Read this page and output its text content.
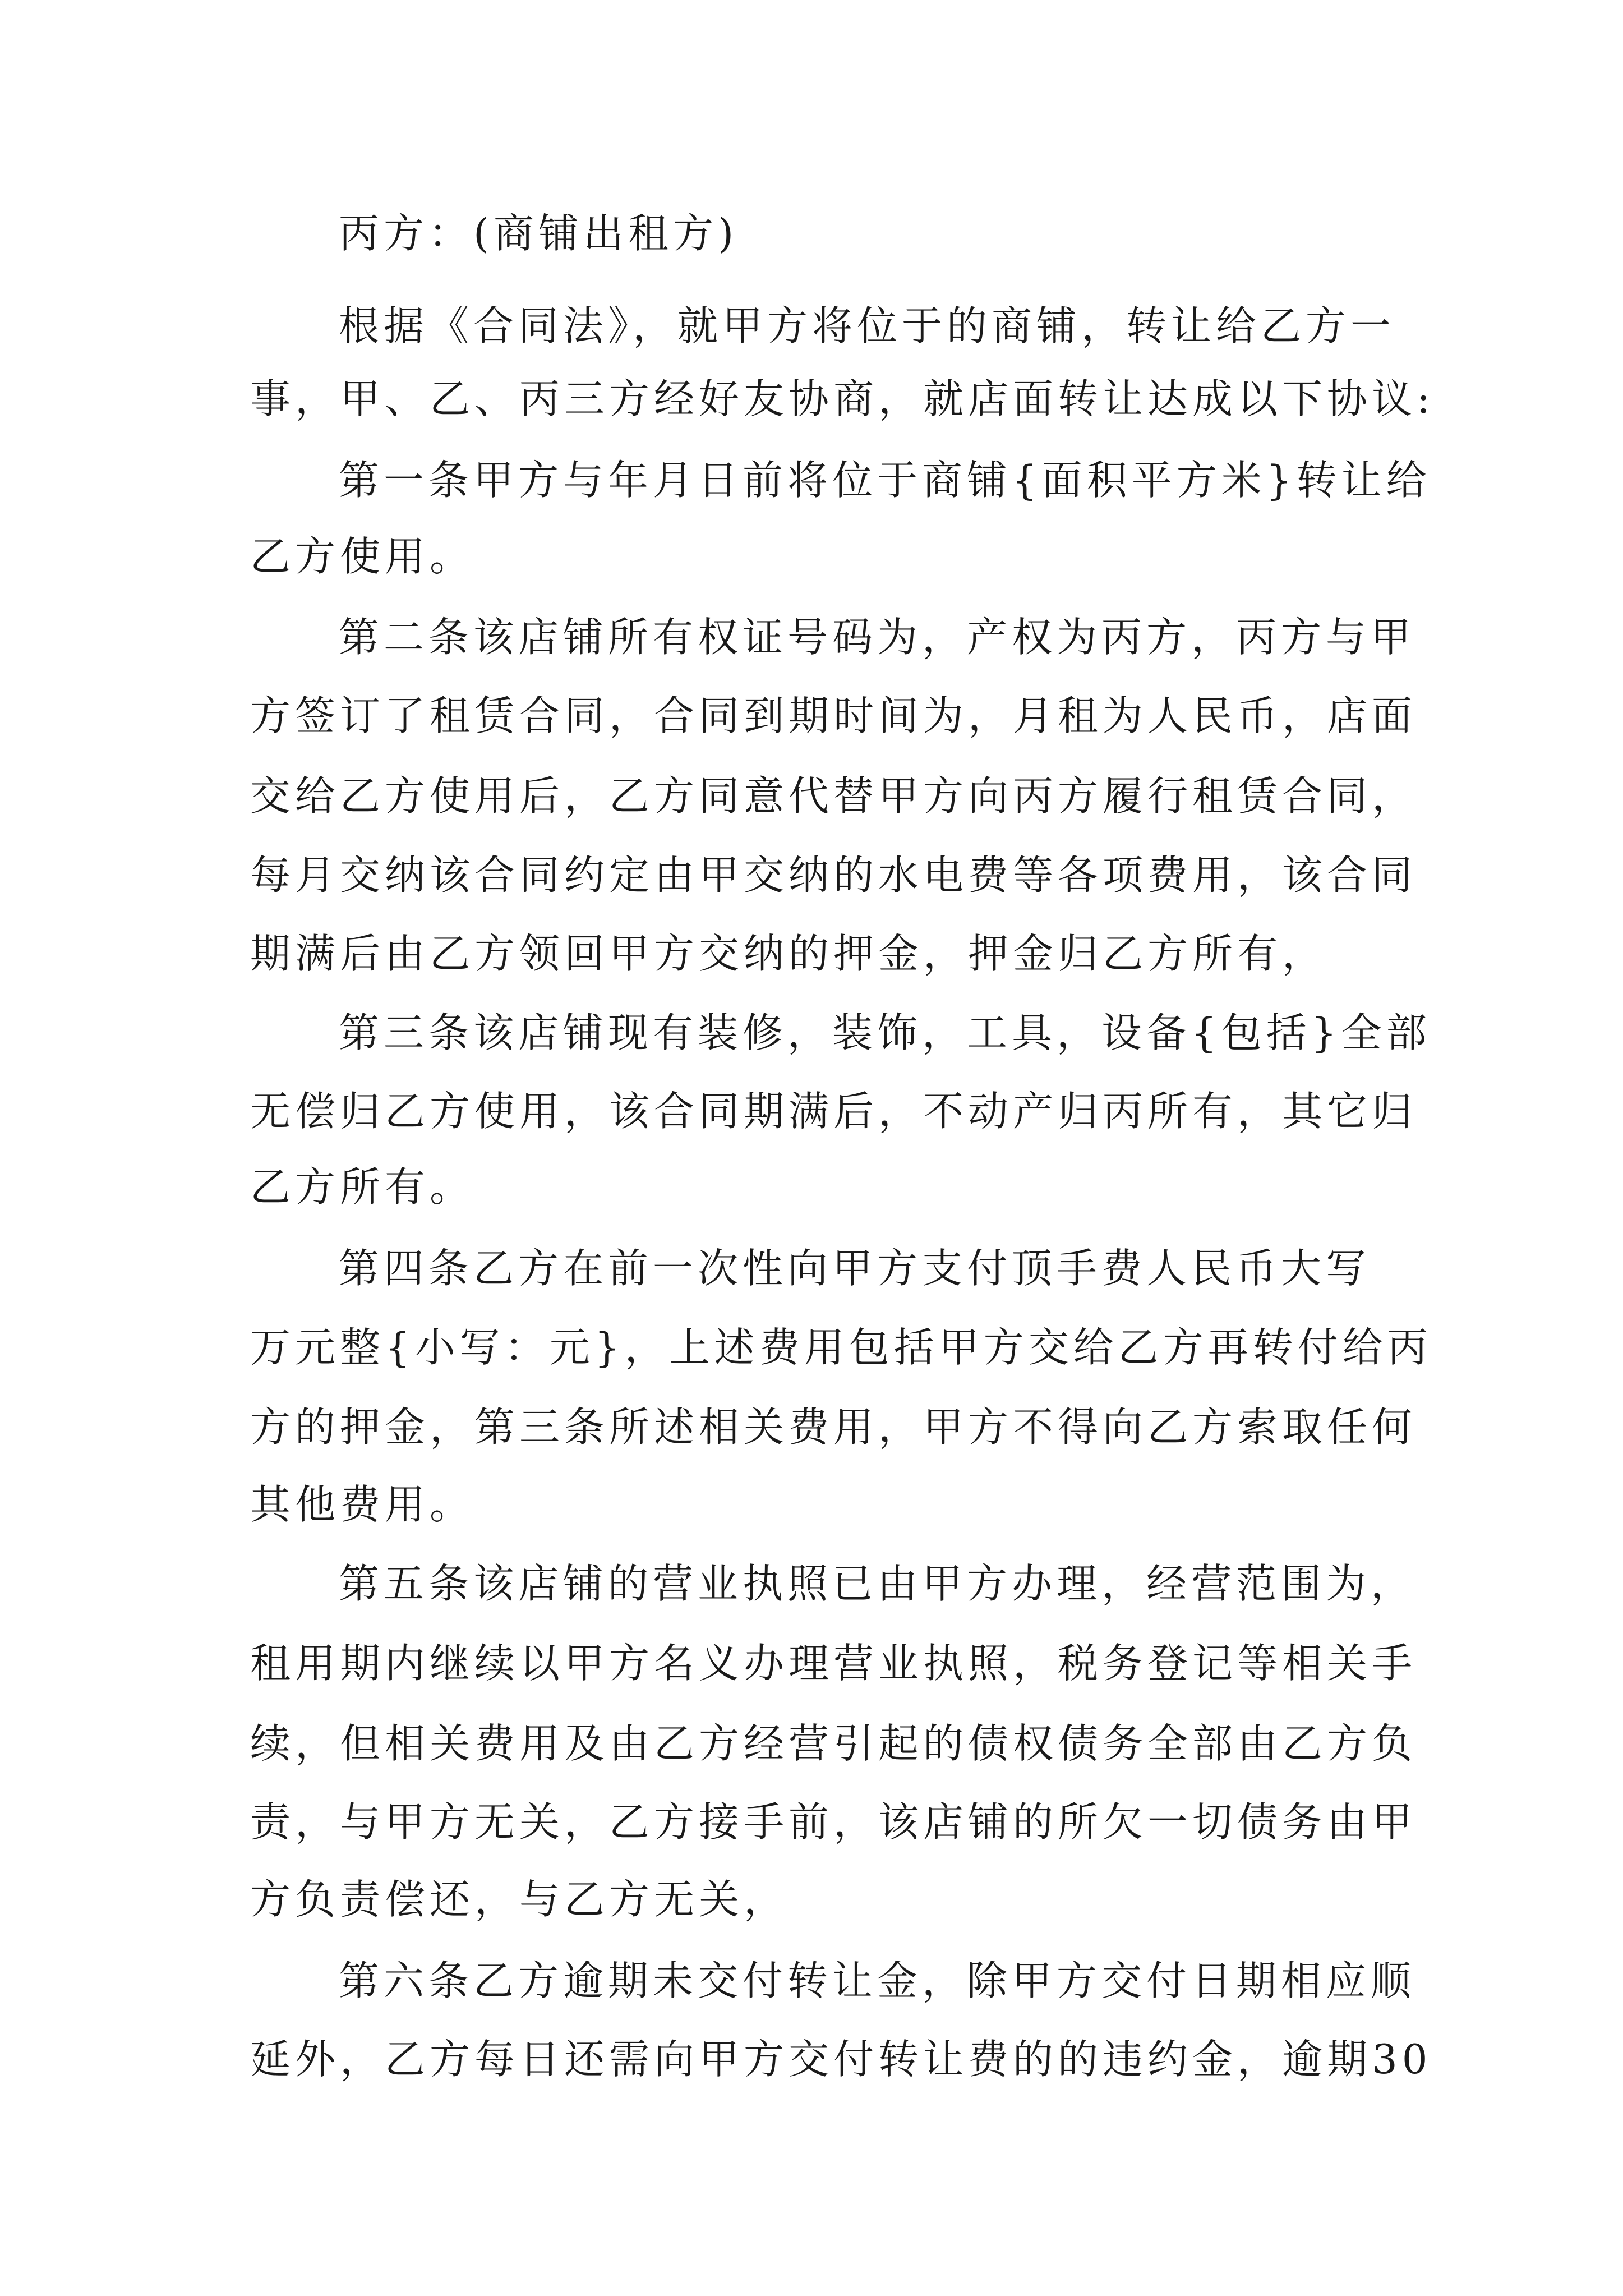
丙方：(商铺出租方)

根据《合同法》，就甲方将位于的商铺，转让给乙方一

事，甲、乙、丙三方经好友协商，就店面转让达成以下协议:

第一条甲方与年月日前将位于商铺{面积平方米}转让给

乙方使用。

第二条该店铺所有权证号码为，产权为丙方，丙方与甲

方签订了租赁合同，合同到期时间为，月租为人民币，店面

交给乙方使用后，乙方同意代替甲方向丙方履行租赁合同，

每月交纳该合同约定由甲交纳的水电费等各项费用，该合同

期满后由乙方领回甲方交纳的押金，押金归乙方所有，

第三条该店铺现有装修，装饰，工具，设备{包括}全部

无偿归乙方使用，该合同期满后，不动产归丙所有，其它归

乙方所有。

第四条乙方在前一次性向甲方支付顶手费人民币大写

万元整{小写：元}，上述费用包括甲方交给乙方再转付给丙

方的押金，第三条所述相关费用，甲方不得向乙方索取任何

其他费用。

第五条该店铺的营业执照已由甲方办理，经营范围为，

租用期内继续以甲方名义办理营业执照，税务登记等相关手

续，但相关费用及由乙方经营引起的债权债务全部由乙方负

责，与甲方无关，乙方接手前，该店铺的所欠一切债务由甲

方负责偿还，与乙方无关，

第六条乙方逾期未交付转让金，除甲方交付日期相应顺

延外，乙方每日还需向甲方交付转让费的的违约金，逾期30
